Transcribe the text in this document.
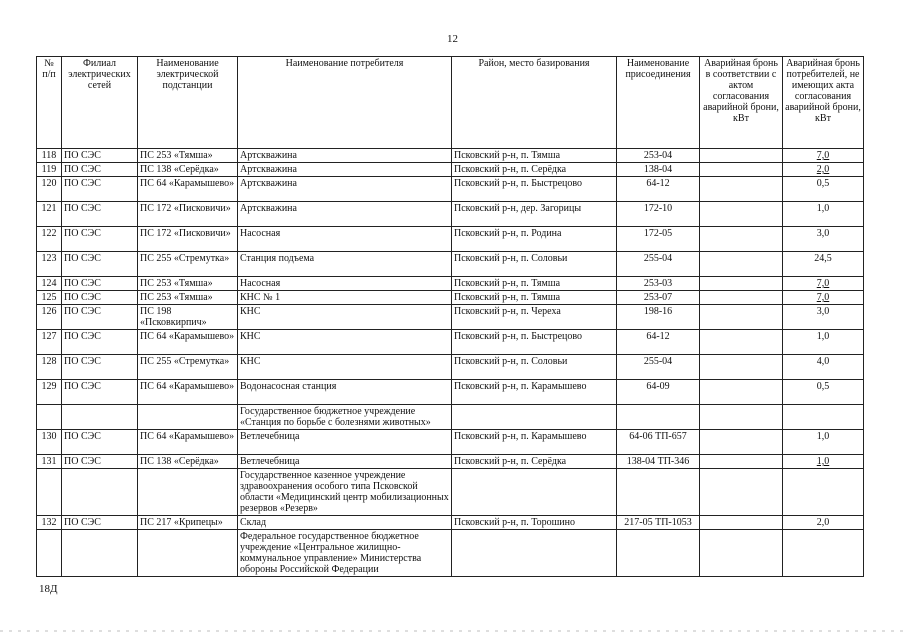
12
№ п/п	Филиал электрических сетей	Наименование электрической подстанции	Наименование потребителя	Район, место базирования	Наименование присоединения	Аварийная бронь в соответствии с актом согласования аварийной брони, кВт	Аварийная бронь потребителей, не имеющих акта согласования аварийной брони, кВт
118	ПО СЭС	ПС 253 «Тямша»	Артскважина	Псковский р-н, п. Тямша	253-04		7,0
119	ПО СЭС	ПС 138 «Серёдка»	Артскважина	Псковский р-н, п. Серёдка	138-04		2,0
120	ПО СЭС	ПС 64 «Карамышево»	Артскважина	Псковский р-н, п. Быстрецово	64-12		0,5
121	ПО СЭС	ПС 172 «Писковичи»	Артскважина	Псковский р-н, дер. Загорицы	172-10		1,0
122	ПО СЭС	ПС 172 «Писковичи»	Насосная	Псковский р-н, п. Родина	172-05		3,0
123	ПО СЭС	ПС 255 «Стремутка»	Станция подъема	Псковский р-н, п. Соловьи	255-04		24,5
124	ПО СЭС	ПС 253 «Тямша»	Насосная	Псковский р-н, п. Тямша	253-03		7,0
125	ПО СЭС	ПС 253 «Тямша»	КНС № 1	Псковский р-н, п. Тямша	253-07		7,0
126	ПО СЭС	ПС 198 «Псковкирпич»	КНС	Псковский р-н, п. Череха	198-16		3,0
127	ПО СЭС	ПС 64 «Карамышево»	КНС	Псковский р-н, п. Быстрецово	64-12		1,0
128	ПО СЭС	ПС 255 «Стремутка»	КНС	Псковский р-н, п. Соловьи	255-04		4,0
129	ПО СЭС	ПС 64 «Карамышево»	Водонасосная станция	Псковский р-н, п. Карамышево	64-09		0,5
			Государственное бюджетное учреждение «Станция по борьбе с болезнями животных»				
130	ПО СЭС	ПС 64 «Карамышево»	Ветлечебница	Псковский р-н, п. Карамышево	64-06 ТП-657		1,0
131	ПО СЭС	ПС 138 «Серёдка»	Ветлечебница	Псковский р-н, п. Серёдка	138-04 ТП-346		1,0
			Государственное казенное учреждение здравоохранения особого типа Псковской области «Медицинский центр мобилизационных резервов «Резерв»				
132	ПО СЭС	ПС 217 «Крипецы»	Склад	Псковский р-н, п. Торошино	217-05 ТП-1053		2,0
			Федеральное государственное бюджетное учреждение «Центральное жилищно-коммунальное управление» Министерства обороны Российской Федерации				
18Д
